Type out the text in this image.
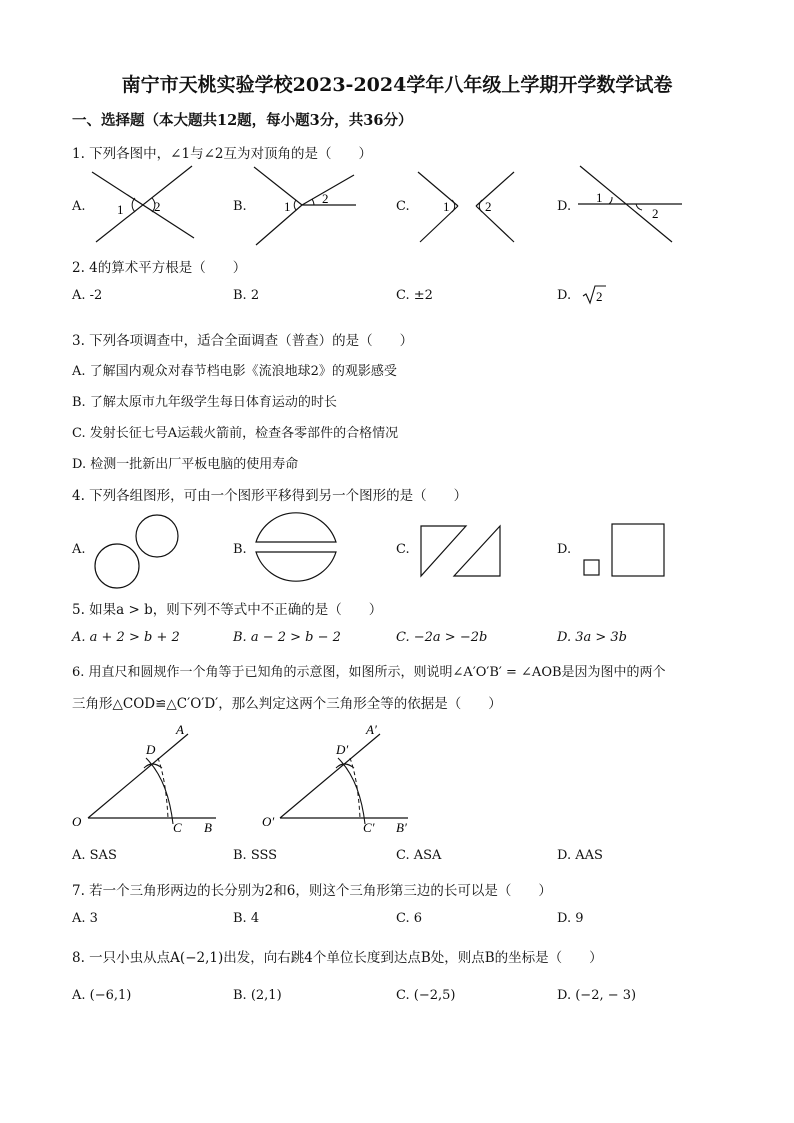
南宁市天桃实验学校2023-2024学年八年级上学期开学数学试卷
一、选择题（本大题共12题，每小题3分，共36分）
1. 下列各图中，∠1与∠2互为对顶角的是（　　）
A.	B.	C.	D.
1 2	1
2
1	2
1
2
2. 4的算术平方根是（　　）
A. -2	B. 2	C. ±2	D. 2
3. 下列各项调查中，适合全面调查（普查）的是（　　）
A. 了解国内观众对春节档电影《流浪地球2》的观影感受
B. 了解太原市九年级学生每日体育运动的时长
C. 发射长征七号A运载火箭前，检查各零部件的合格情况
D. 检测一批新出厂平板电脑的使用寿命
4. 下列各组图形，可由一个图形平移得到另一个图形的是（　　）
A.	B.	C.	D.
5. 如果a > b，则下列不等式中不正确的是（　　）
A. a + 2 > b + 2	B. a − 2 > b − 2	C. −2a > −2b	D. 3a > 3b
6. 用直尺和圆规作一个角等于已知角的示意图，如图所示，则说明∠A′O′B′ = ∠AOB是因为图中的两个
三角形△COD≌△C′O′D′，那么判定这两个三角形全等的依据是（　　）
A
D
O	C B
A′
D′
O′	C′ B′
A. SAS	B. SSS	C. ASA	D. AAS
7. 若一个三角形两边的长分别为2和6，则这个三角形第三边的长可以是（　　）
A. 3	B. 4	C. 6	D. 9
8. 一只小虫从点A(−2,1)出发，向右跳4个单位长度到达点B处，则点B的坐标是（　　）
A. (−6,1)	B. (2,1)	C. (−2,5)	D. (−2, − 3)
